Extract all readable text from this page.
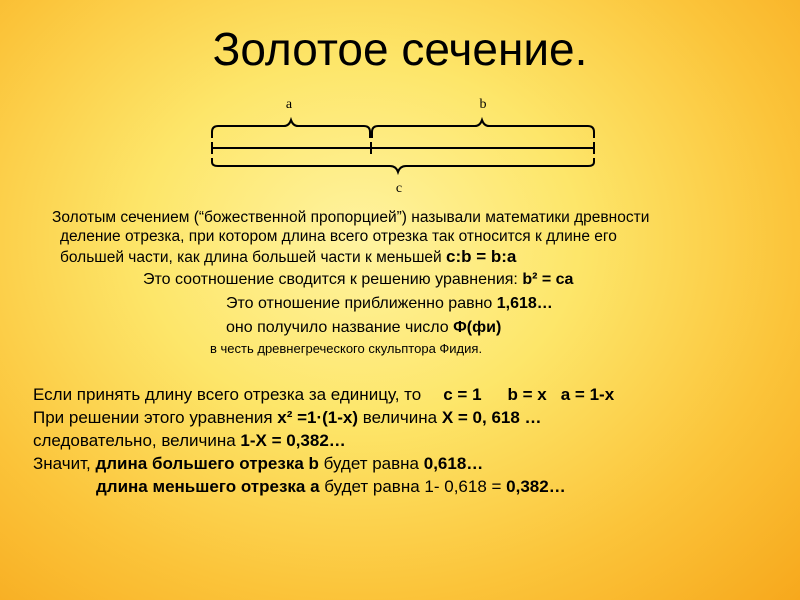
Золотое сечение.
a	b
c
Золотым сечением (“божественной пропорцией”) называли математики древности
деление отрезка, при котором длина всего отрезка так относится к длине его
большей части, как длина большей части к меньшей c:b = b:a
Это соотношение сводится к решению уравнения: b² = ca
Это отношение приближенно равно 1,618…
оно получило название число Ф(фи)
в честь древнегреческого скульптора Фидия.
Если принять длину всего отрезка за единицу, то c = 1 b = x a = 1-x
При решении этого уравнения x² =1·(1-x) величина X = 0, 618 …
следовательно, величина 1-X = 0,382…
Значит, длина большего отрезка b будет равна 0,618…
длина меньшего отрезка a будет равна 1- 0,618 = 0,382…
